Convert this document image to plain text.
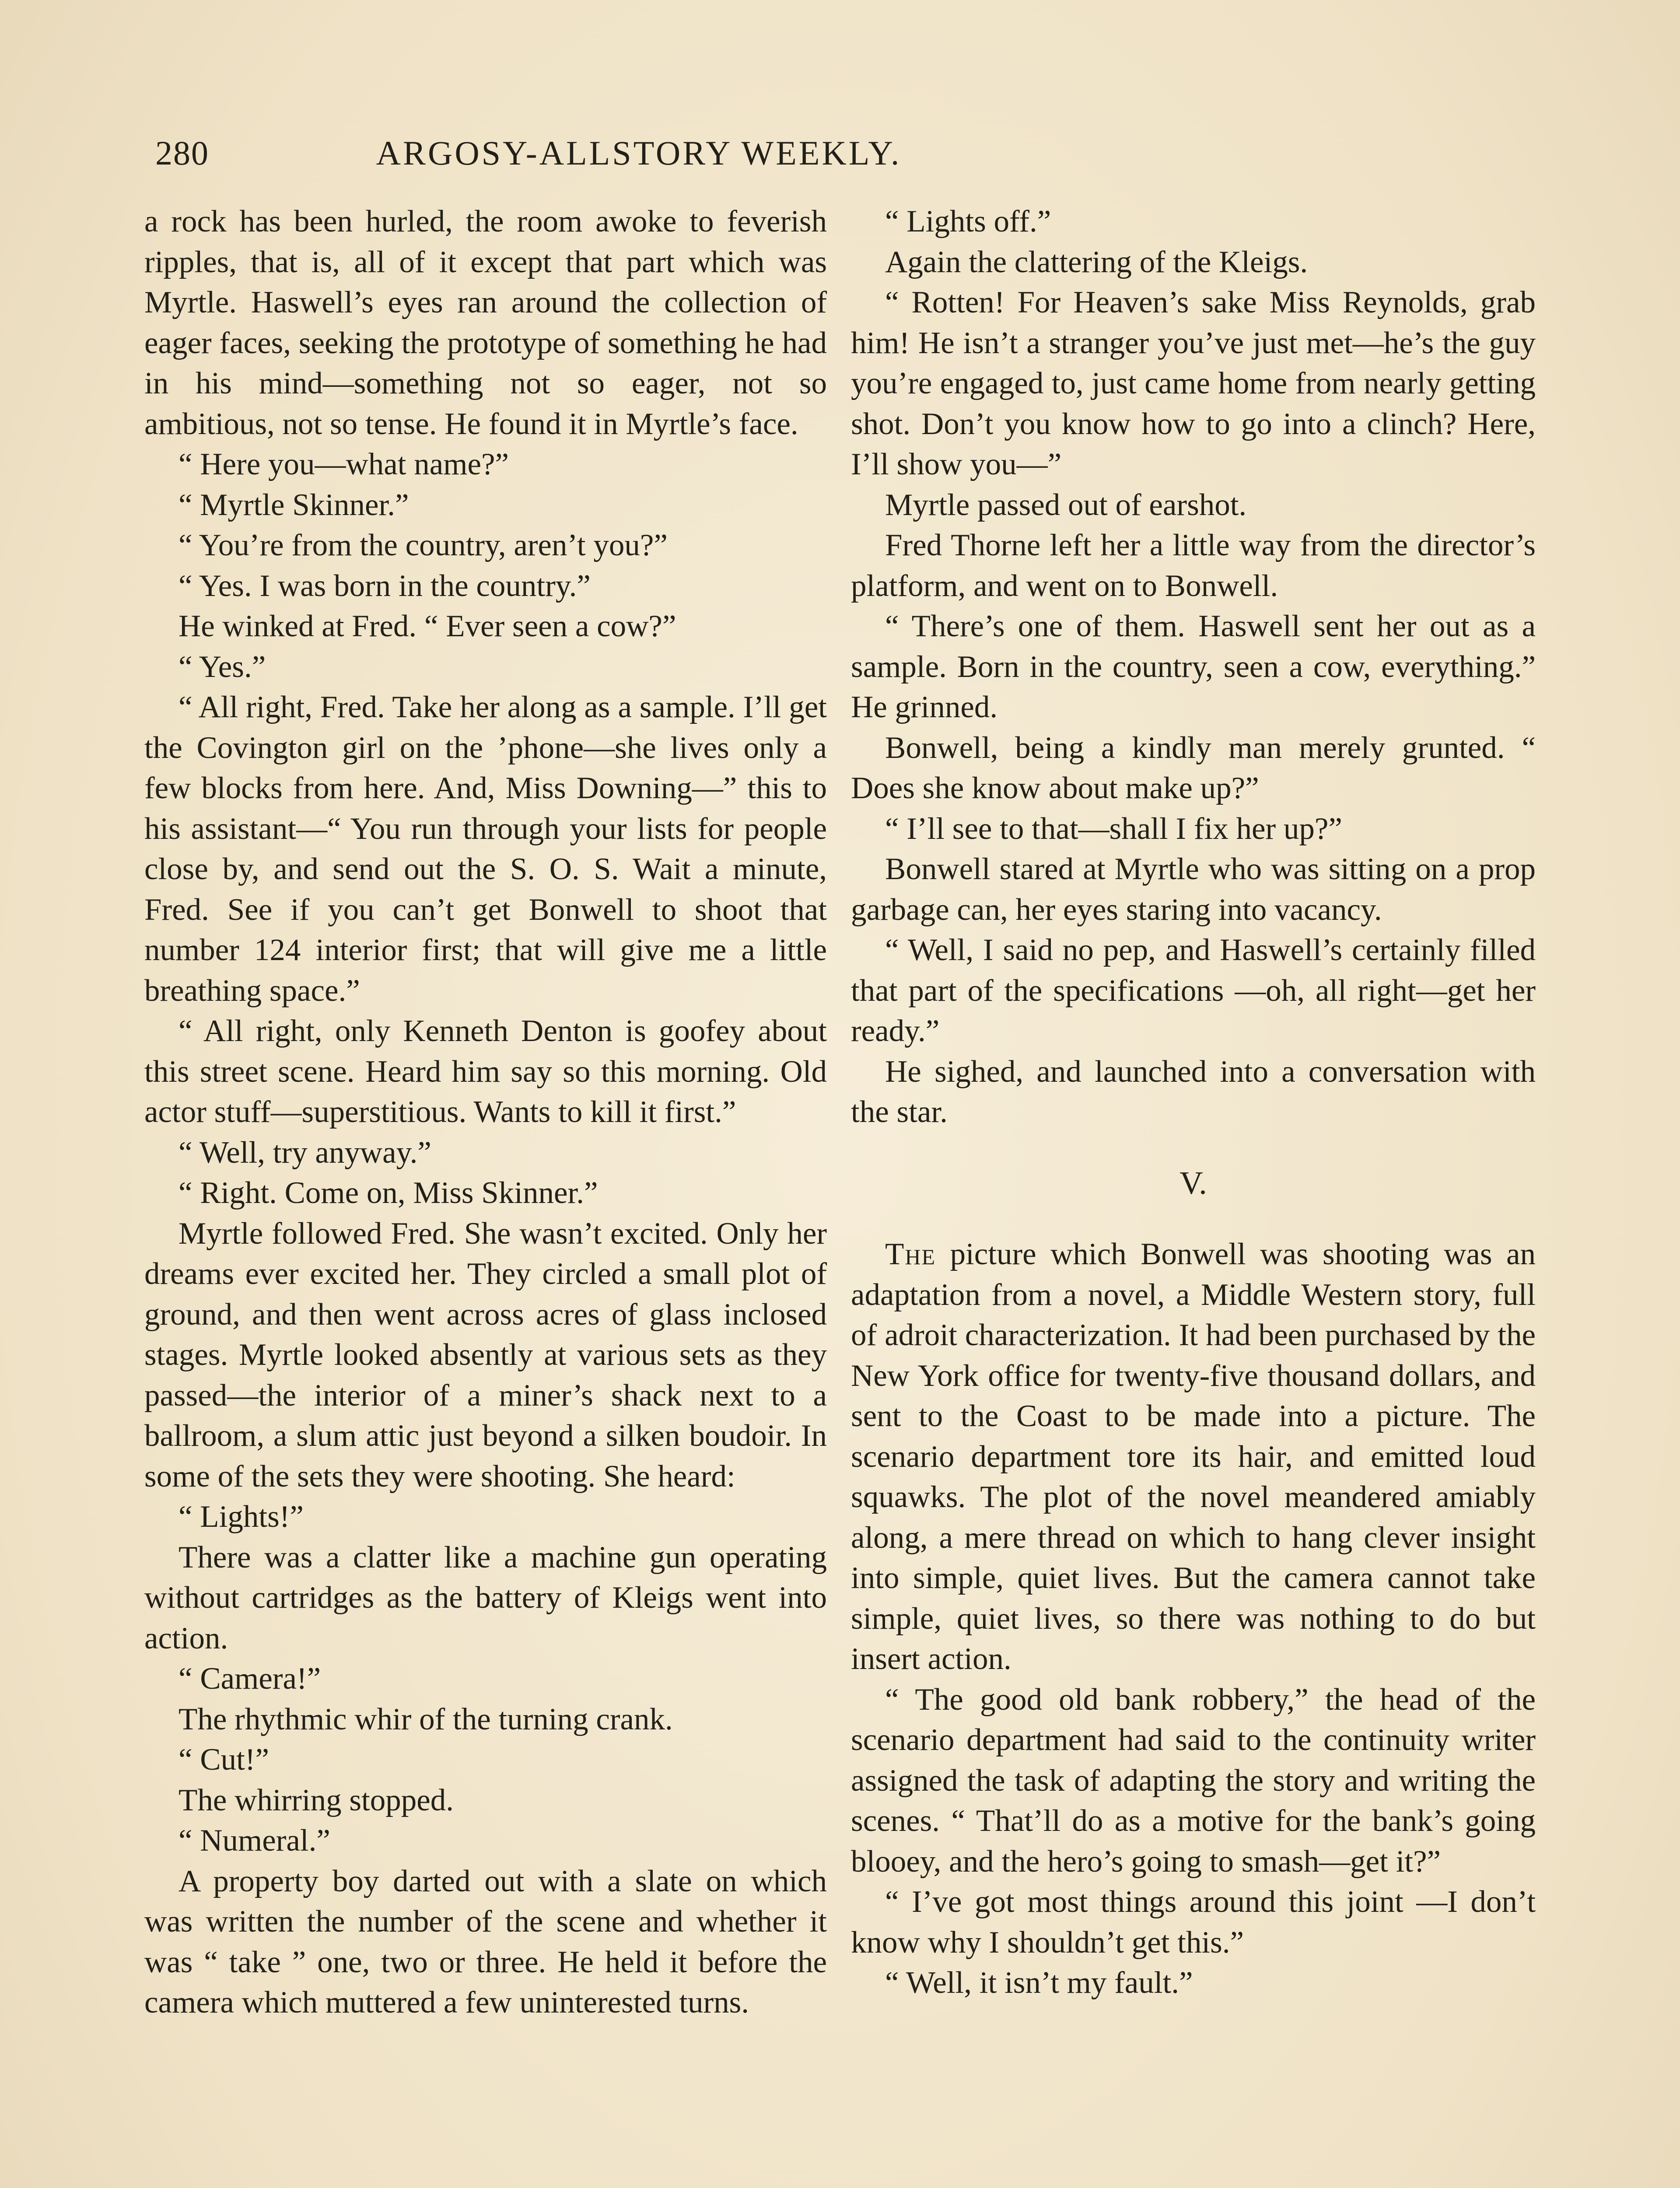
280	ARGOSY-ALLSTORY WEEKLY.

a rock has been hurled, the room awoke to feverish ripples, that is, all of it except that part which was Myrtle. Haswell’s eyes ran around the collection of eager faces, seeking the prototype of something he had in his mind—something not so eager, not so ambitious, not so tense. He found it in Myrtle’s face.

“ Here you—what name?”

“ Myrtle Skinner.”

“ You’re from the country, aren’t you?”

“ Yes. I was born in the country.”

He winked at Fred. “ Ever seen a cow?”

“ Yes.”

“ All right, Fred. Take her along as a sample. I’ll get the Covington girl on the ’phone—she lives only a few blocks from here. And, Miss Downing—” this to his assistant—“ You run through your lists for people close by, and send out the S. O. S. Wait a minute, Fred. See if you can’t get Bonwell to shoot that number 124 interior first; that will give me a little breathing space.”

“ All right, only Kenneth Denton is goofey about this street scene. Heard him say so this morning. Old actor stuff—superstitious. Wants to kill it first.”

“ Well, try anyway.”

“ Right. Come on, Miss Skinner.”

Myrtle followed Fred. She wasn’t excited. Only her dreams ever excited her. They circled a small plot of ground, and then went across acres of glass inclosed stages. Myrtle looked absently at various sets as they passed—the interior of a miner’s shack next to a ballroom, a slum attic just beyond a silken boudoir. In some of the sets they were shooting. She heard:

“ Lights!”

There was a clatter like a machine gun operating without cartridges as the battery of Kleigs went into action.

“ Camera!”

The rhythmic whir of the turning crank.

“ Cut!”

The whirring stopped.

“ Numeral.”

A property boy darted out with a slate on which was written the number of the scene and whether it was “ take ” one, two or three. He held it before the camera which muttered a few uninterested turns.

“ Lights off.”

Again the clattering of the Kleigs.

“ Rotten! For Heaven’s sake Miss Reynolds, grab him! He isn’t a stranger you’ve just met—he’s the guy you’re engaged to, just came home from nearly getting shot. Don’t you know how to go into a clinch? Here, I’ll show you—”

Myrtle passed out of earshot.

Fred Thorne left her a little way from the director’s platform, and went on to Bonwell.

“ There’s one of them. Haswell sent her out as a sample. Born in the country, seen a cow, everything.” He grinned.

Bonwell, being a kindly man merely grunted. “ Does she know about make up?”

“ I’ll see to that—shall I fix her up?”

Bonwell stared at Myrtle who was sitting on a prop garbage can, her eyes staring into vacancy.

“ Well, I said no pep, and Haswell’s certainly filled that part of the specifications —oh, all right—get her ready.”

He sighed, and launched into a conversation with the star.

V.

The picture which Bonwell was shooting was an adaptation from a novel, a Middle Western story, full of adroit characterization. It had been purchased by the New York office for twenty-five thousand dollars, and sent to the Coast to be made into a picture. The scenario department tore its hair, and emitted loud squawks. The plot of the novel meandered amiably along, a mere thread on which to hang clever insight into simple, quiet lives. But the camera cannot take simple, quiet lives, so there was nothing to do but insert action.

“ The good old bank robbery,” the head of the scenario department had said to the continuity writer assigned the task of adapting the story and writing the scenes. “ That’ll do as a motive for the bank’s going blooey, and the hero’s going to smash—get it?”

“ I’ve got most things around this joint —I don’t know why I shouldn’t get this.”

“ Well, it isn’t my fault.”
